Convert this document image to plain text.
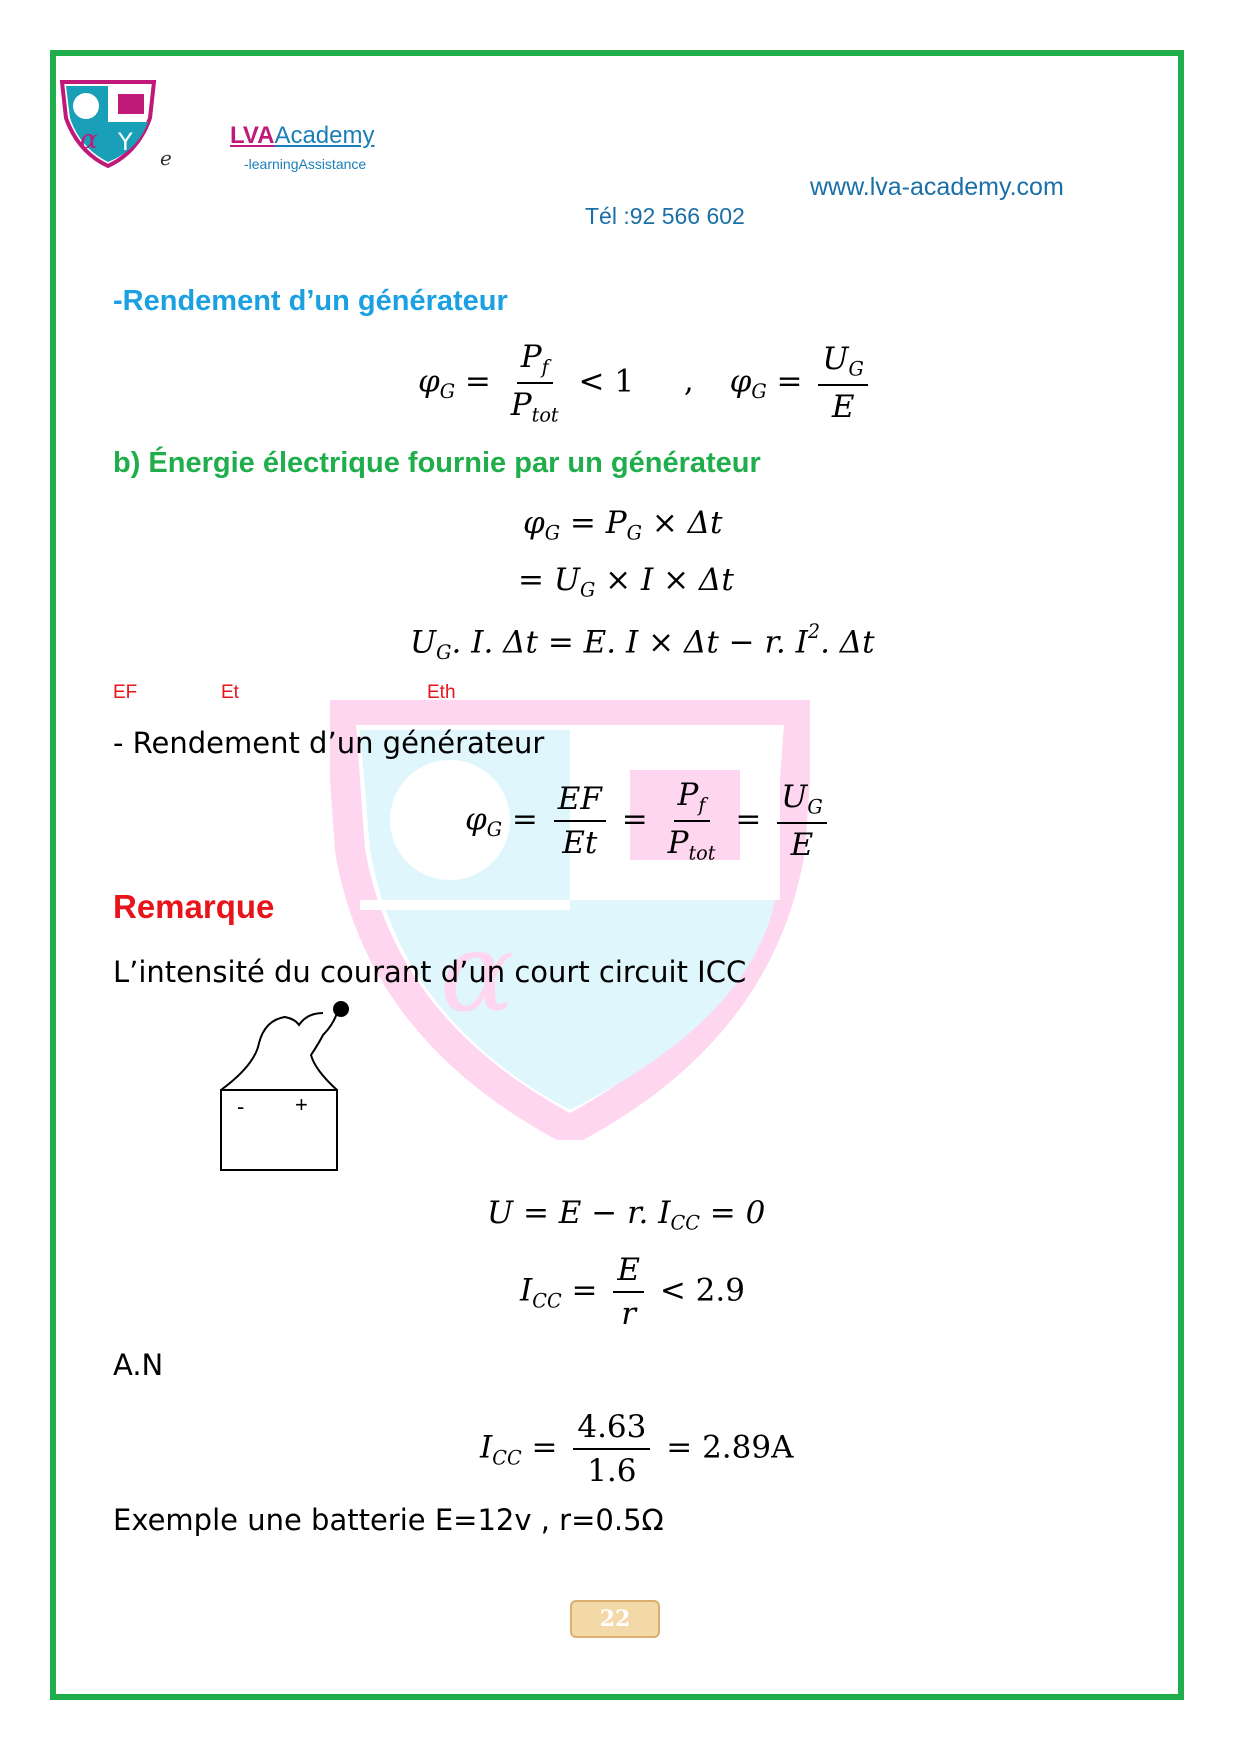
α
α Y
e
LVAAcademy
-learningAssistance
www.lva-academy.com
Tél :92 566 602
-Rendement d’un générateur
$\varphi_G = \frac{P_f}{P_{tot}} < 1$ , $\varphi_G = \frac{U_G}{E}$
b) Énergie électrique fournie par un générateur
$\varphi_G = P_G \times \Delta t$
= $U_G \times I \times \Delta t$
$U_G$. I. Δt = E. I × Δt − r. $I^2$. Δt
EF	Et	Eth
- Rendement d’un générateur
$\varphi_G = \frac{EF}{Et} = \frac{P_f}{P_{tot}} = \frac{U_G}{E}$
Remarque
L’intensité du courant d’un court circuit ICC
- +
U = E − r. $I_{CC} = 0$
$I_{CC} = \frac{E}{r} < 2.9$
A.N
$I_{CC} = \frac{4.63}{1.6} = 2.89A$
Exemple une batterie E=12v , r=0.5Ω
22
